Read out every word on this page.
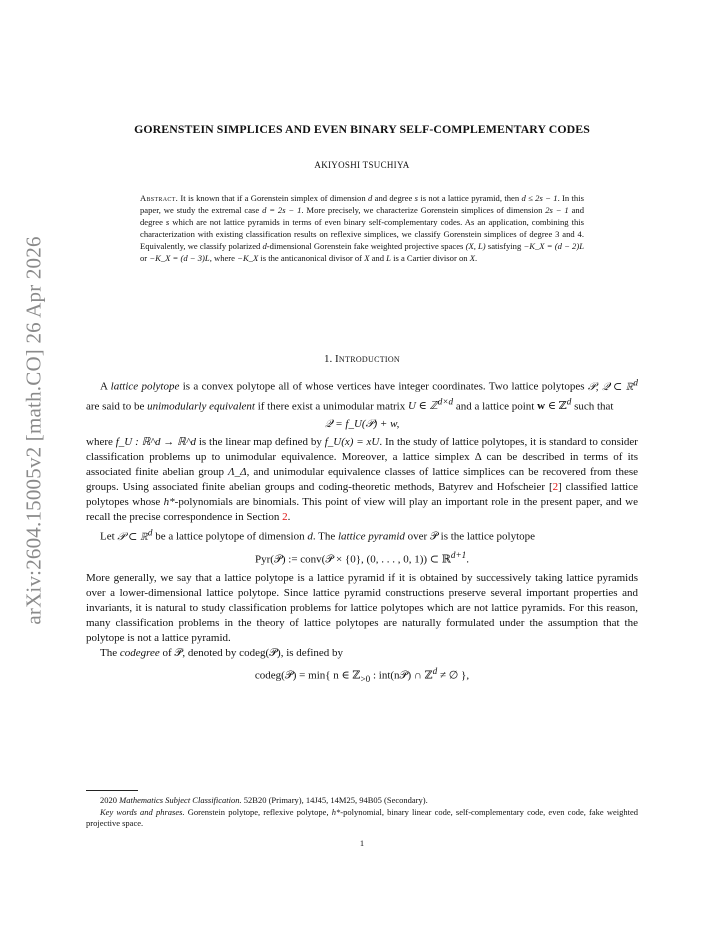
arXiv:2604.15005v2 [math.CO] 26 Apr 2026
GORENSTEIN SIMPLICES AND EVEN BINARY SELF-COMPLEMENTARY CODES
AKIYOSHI TSUCHIYA
Abstract. It is known that if a Gorenstein simplex of dimension d and degree s is not a lattice pyramid, then d ≤ 2s − 1. In this paper, we study the extremal case d = 2s − 1. More precisely, we characterize Gorenstein simplices of dimension 2s − 1 and degree s which are not lattice pyramids in terms of even binary self-complementary codes. As an application, combining this characterization with existing classification results on reflexive simplices, we classify Gorenstein simplices of degree 3 and 4. Equivalently, we classify polarized d-dimensional Gorenstein fake weighted projective spaces (X, L) satisfying −K_X = (d − 2)L or −K_X = (d − 3)L, where −K_X is the anticanonical divisor of X and L is a Cartier divisor on X.
1. Introduction

A lattice polytope is a convex polytope all of whose vertices have integer coordinates. Two lattice polytopes 𝒫, 𝒬 ⊂ ℝ$^d$ are said to be unimodularly equivalent if there exist a unimodular matrix U ∈ ℤ$^{d\times d}$ and a lattice point w ∈ ℤ$^d$ such that

𝒬 = f_U(𝒫) + w,

where f_U : ℝ^d → ℝ^d is the linear map defined by f_U(x) = xU. In the study of lattice polytopes, it is standard to consider classification problems up to unimodular equivalence. Moreover, a lattice simplex Δ can be described in terms of its associated finite abelian group Λ_Δ, and unimodular equivalence classes of lattice simplices can be recovered from these groups. Using associated finite abelian groups and coding-theoretic methods, Batyrev and Hofscheier [2] classified lattice polytopes whose h*-polynomials are binomials. This point of view will play an important role in the present paper, and we recall the precise correspondence in Section 2.

Let 𝒫 ⊂ ℝ$^d$ be a lattice polytope of dimension d. The lattice pyramid over 𝒫 is the lattice polytope

Pyr(𝒫) := conv(𝒫 × {0}, (0, . . . , 0, 1)) ⊂ ℝ$^{d+1}$.

More generally, we say that a lattice polytope is a lattice pyramid if it is obtained by successively taking lattice pyramids over a lower-dimensional lattice polytope. Since lattice pyramid constructions preserve several important properties and invariants, it is natural to study classification problems for lattice polytopes which are not lattice pyramids. For this reason, many classification problems in the theory of lattice polytopes are naturally formulated under the assumption that the polytope is not a lattice pyramid.

The codegree of 𝒫, denoted by codeg(𝒫), is defined by

codeg(𝒫) = min{ n ∈ ℤ$_{>0}$ : int(n𝒫) ∩ ℤ$^d$ ≠ ∅ },

2020 Mathematics Subject Classification. 52B20 (Primary), 14J45, 14M25, 94B05 (Secondary).

Key words and phrases. Gorenstein polytope, reflexive polytope, h*-polynomial, binary linear code, self-complementary code, even code, fake weighted projective space.

1
